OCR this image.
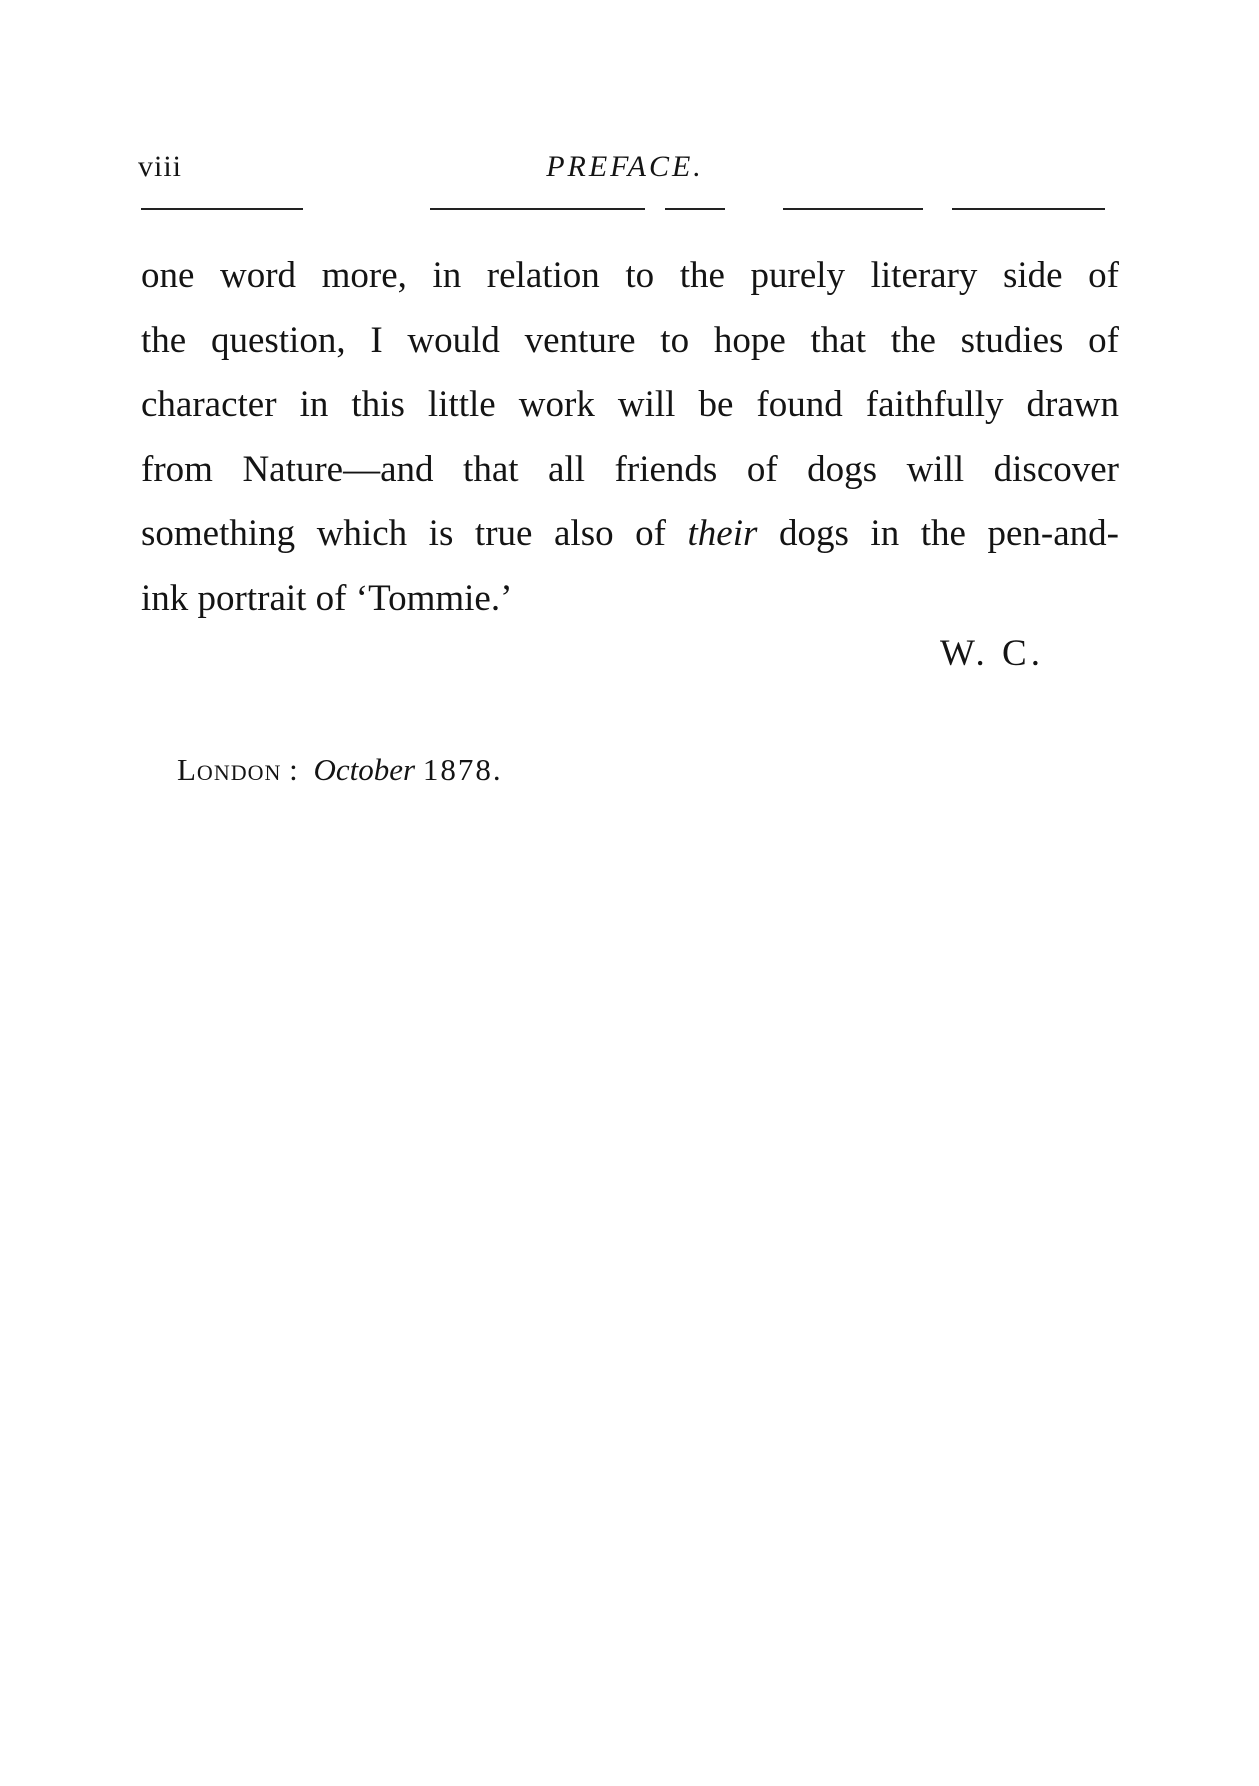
viii	PREFACE.
one word more, in relation to the purely literary side of
the question, I would venture to hope that the studies of
character in this little work will be found faithfully drawn
from Nature—and that all friends of dogs will discover
something which is true also of their dogs in the pen-and-
ink portrait of ‘Tommie.’
W. C.
London : October 1878.
